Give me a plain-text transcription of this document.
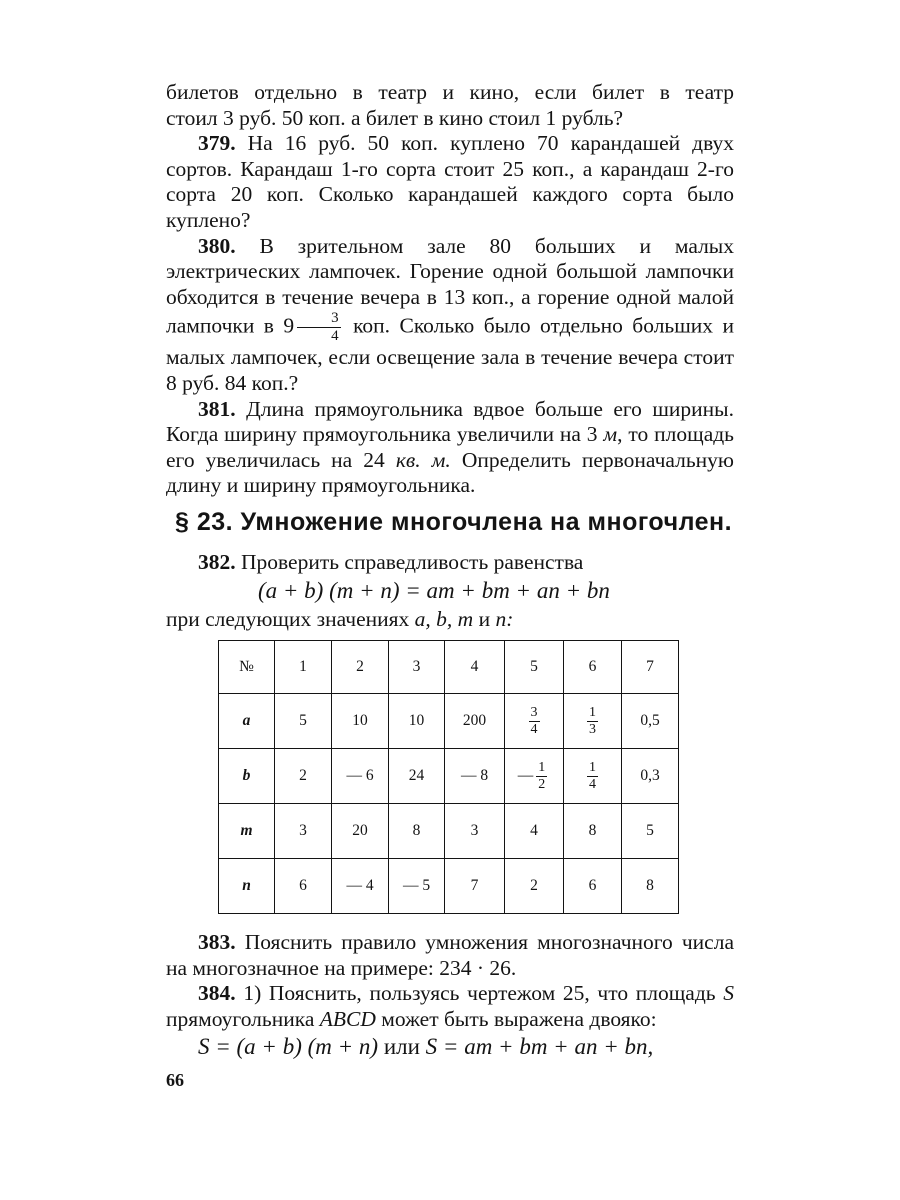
билетов отдельно в театр и кино, если билет в театр

стоил 3 руб. 50 коп. а билет в кино стоил 1 рубль?

379. На 16 руб. 50 коп. куплено 70 карандашей двух сортов. Карандаш 1-го сорта стоит 25 коп., а карандаш 2-го сорта 20 коп. Сколько карандашей каждого сорта было куплено?

380. В зрительном зале 80 больших и малых электрических лампочек. Горение одной большой лампочки обходится в течение вечера в 13 коп., а горение одной малой лампочки в $9 \frac{3}{4}$ коп. Сколько было отдельно больших и малых лампочек, если освещение зала в течение вечера стоит 8 руб. 84 коп.?

381. Длина прямоугольника вдвое больше его ширины. Когда ширину прямоугольника увеличили на 3 м, то площадь его увеличилась на 24 кв. м. Определить первоначальную длину и ширину прямоугольника.

§ 23. Умножение многочлена на многочлен.

382. Проверить справедливость равенства

(a + b) (m + n) = am + bm + an + bn

при следующих значениях a, b, m и n:

№	1	2	3	4	5	6	7
a	5	10	10	200	$\frac{3}{4}$	$\frac{1}{3}$	0,5
b	2	— 6	24	— 8	— $\frac{1}{2}$	$\frac{1}{4}$	0,3
m	3	20	8	3	4	8	5
n	6	— 4	— 5	7	2	6	8

383. Пояснить правило умножения многозначного числа на многозначное на примере: 234 · 26.

384. 1) Пояснить, пользуясь чертежом 25, что площадь S прямоугольника ABCD может быть выражена двояко:

S = (a + b) (m + n) или S = am + bm + an + bn,

66
